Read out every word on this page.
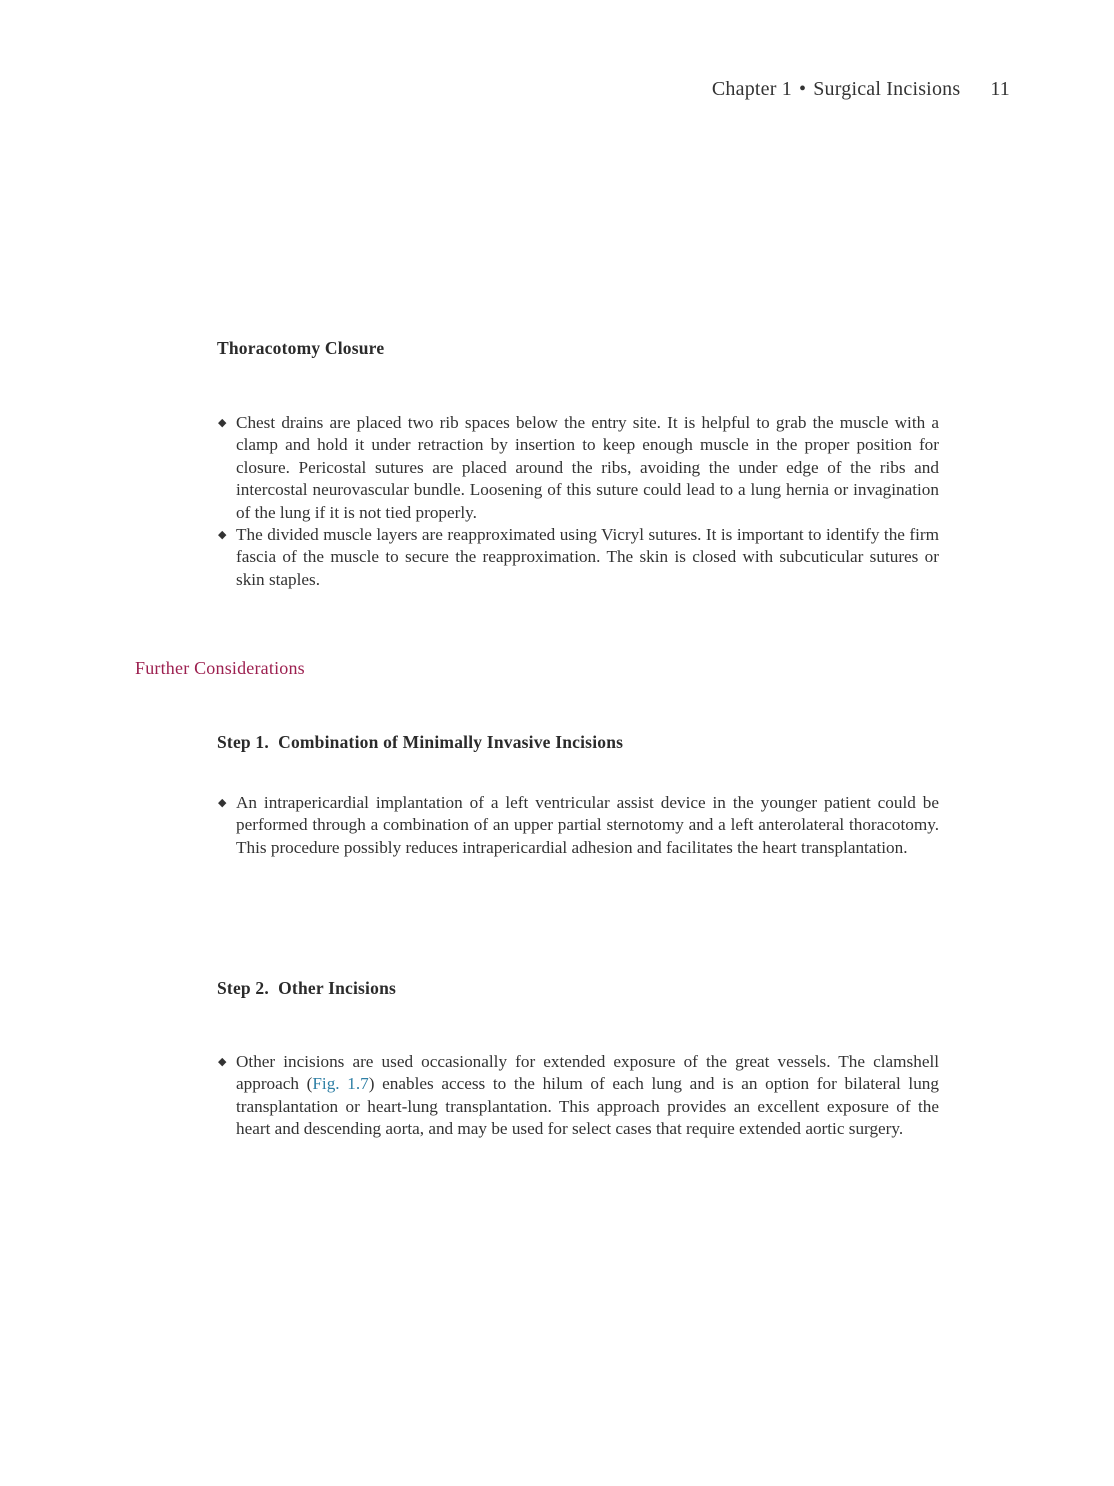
Chapter 1 • Surgical Incisions 11
Thoracotomy Closure
◆ Chest drains are placed two rib spaces below the entry site. It is helpful to grab the muscle with a clamp and hold it under retraction by insertion to keep enough muscle in the proper position for closure. Pericostal sutures are placed around the ribs, avoiding the under edge of the ribs and intercostal neurovascular bundle. Loosening of this suture could lead to a lung hernia or invagination of the lung if it is not tied properly.
◆ The divided muscle layers are reapproximated using Vicryl sutures. It is important to identify the firm fascia of the muscle to secure the reapproximation. The skin is closed with subcuticular sutures or skin staples.
Further Considerations
Step 1.  Combination of Minimally Invasive Incisions
◆ An intrapericardial implantation of a left ventricular assist device in the younger patient could be performed through a combination of an upper partial sternotomy and a left anterolateral thoracotomy. This procedure possibly reduces intrapericardial adhesion and facilitates the heart transplantation.
Step 2.  Other Incisions
◆ Other incisions are used occasionally for extended exposure of the great vessels. The clamshell approach (Fig. 1.7) enables access to the hilum of each lung and is an option for bilateral lung transplantation or heart-lung transplantation. This approach provides an excellent exposure of the heart and descending aorta, and may be used for select cases that require extended aortic surgery.
